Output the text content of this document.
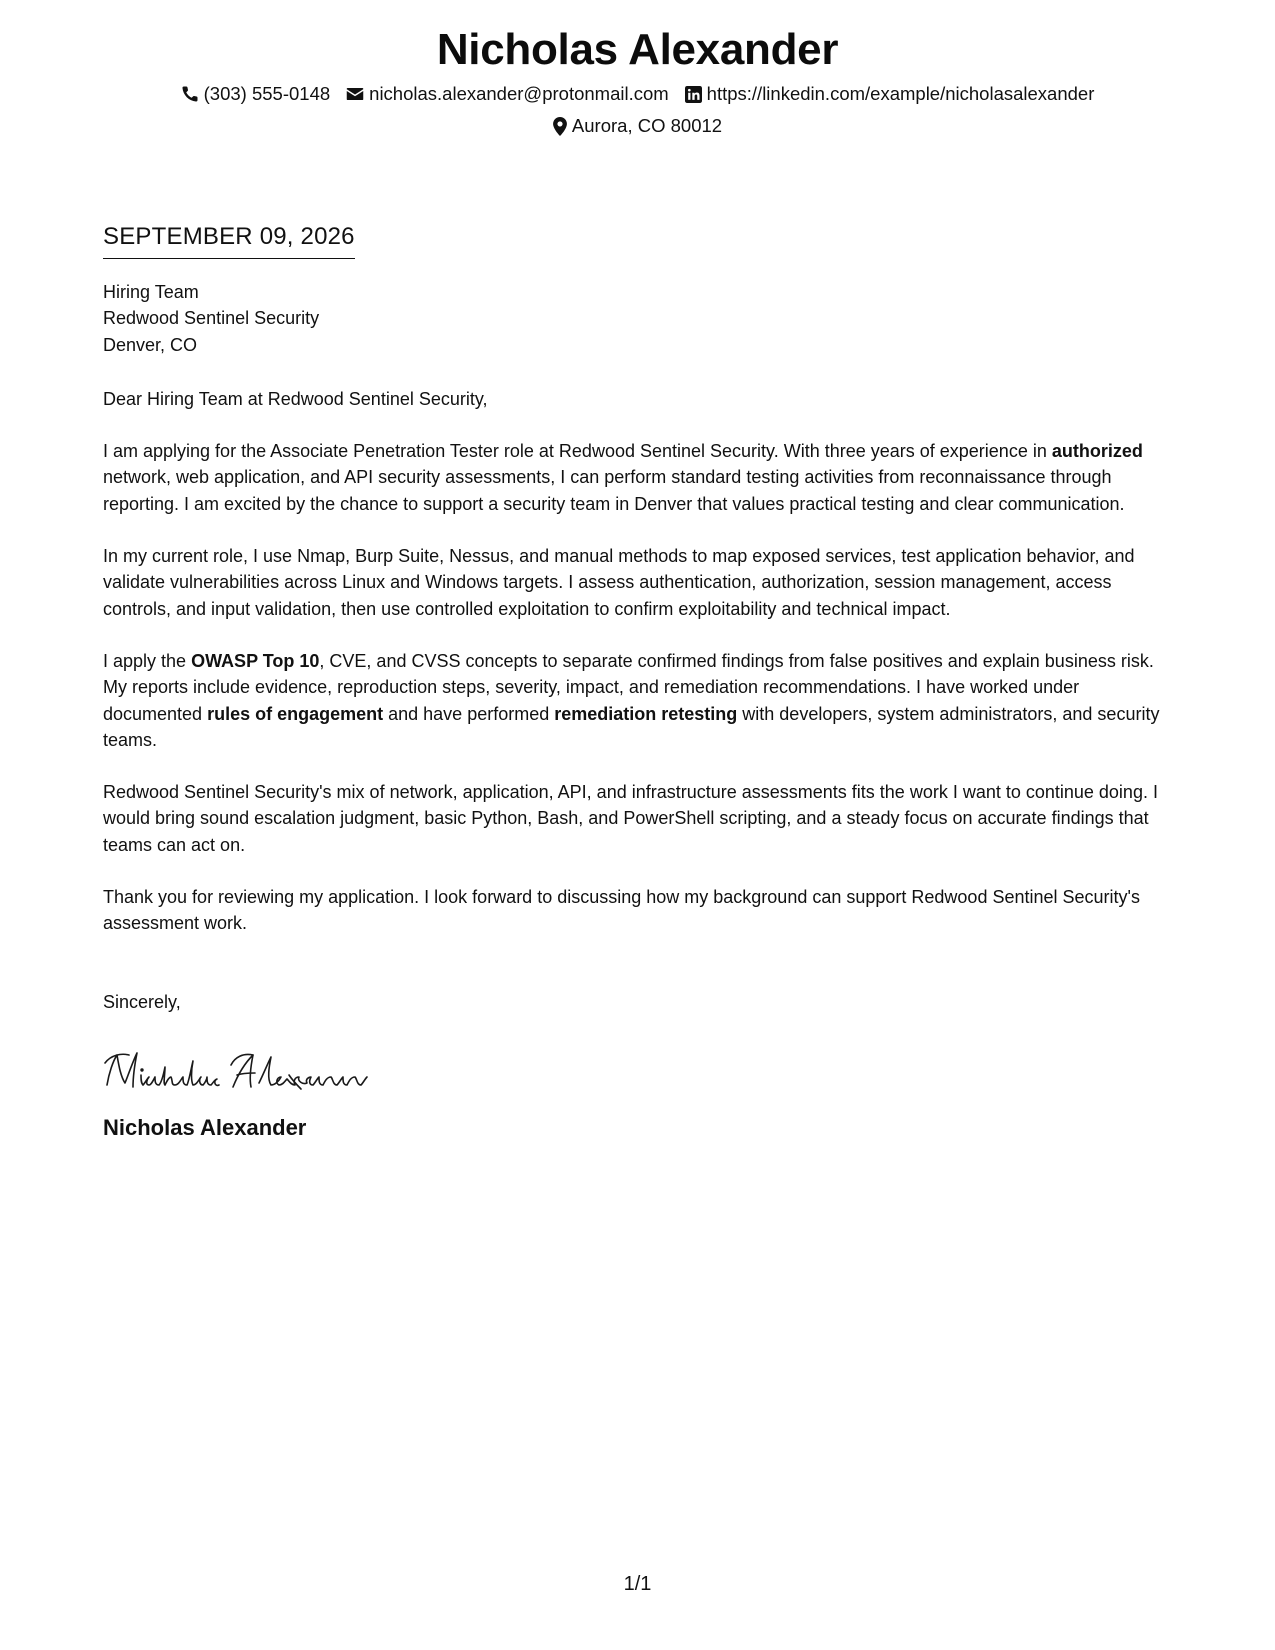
Nicholas Alexander
(303) 555-0148 nicholas.alexander@protonmail.com https://linkedin.com/example/nicholasalexander
Aurora, CO 80012
SEPTEMBER 09, 2026
Hiring Team
Redwood Sentinel Security
Denver, CO
Dear Hiring Team at Redwood Sentinel Security,
I am applying for the Associate Penetration Tester role at Redwood Sentinel Security. With three years of experience in authorized network, web application, and API security assessments, I can perform standard testing activities from reconnaissance through reporting. I am excited by the chance to support a security team in Denver that values practical testing and clear communication.
In my current role, I use Nmap, Burp Suite, Nessus, and manual methods to map exposed services, test application behavior, and validate vulnerabilities across Linux and Windows targets. I assess authentication, authorization, session management, access controls, and input validation, then use controlled exploitation to confirm exploitability and technical impact.
I apply the OWASP Top 10, CVE, and CVSS concepts to separate confirmed findings from false positives and explain business risk. My reports include evidence, reproduction steps, severity, impact, and remediation recommendations. I have worked under documented rules of engagement and have performed remediation retesting with developers, system administrators, and security teams.
Redwood Sentinel Security's mix of network, application, API, and infrastructure assessments fits the work I want to continue doing. I would bring sound escalation judgment, basic Python, Bash, and PowerShell scripting, and a steady focus on accurate findings that teams can act on.
Thank you for reviewing my application. I look forward to discussing how my background can support Redwood Sentinel Security's assessment work.
Sincerely,
Nicholas Alexander
1/1
